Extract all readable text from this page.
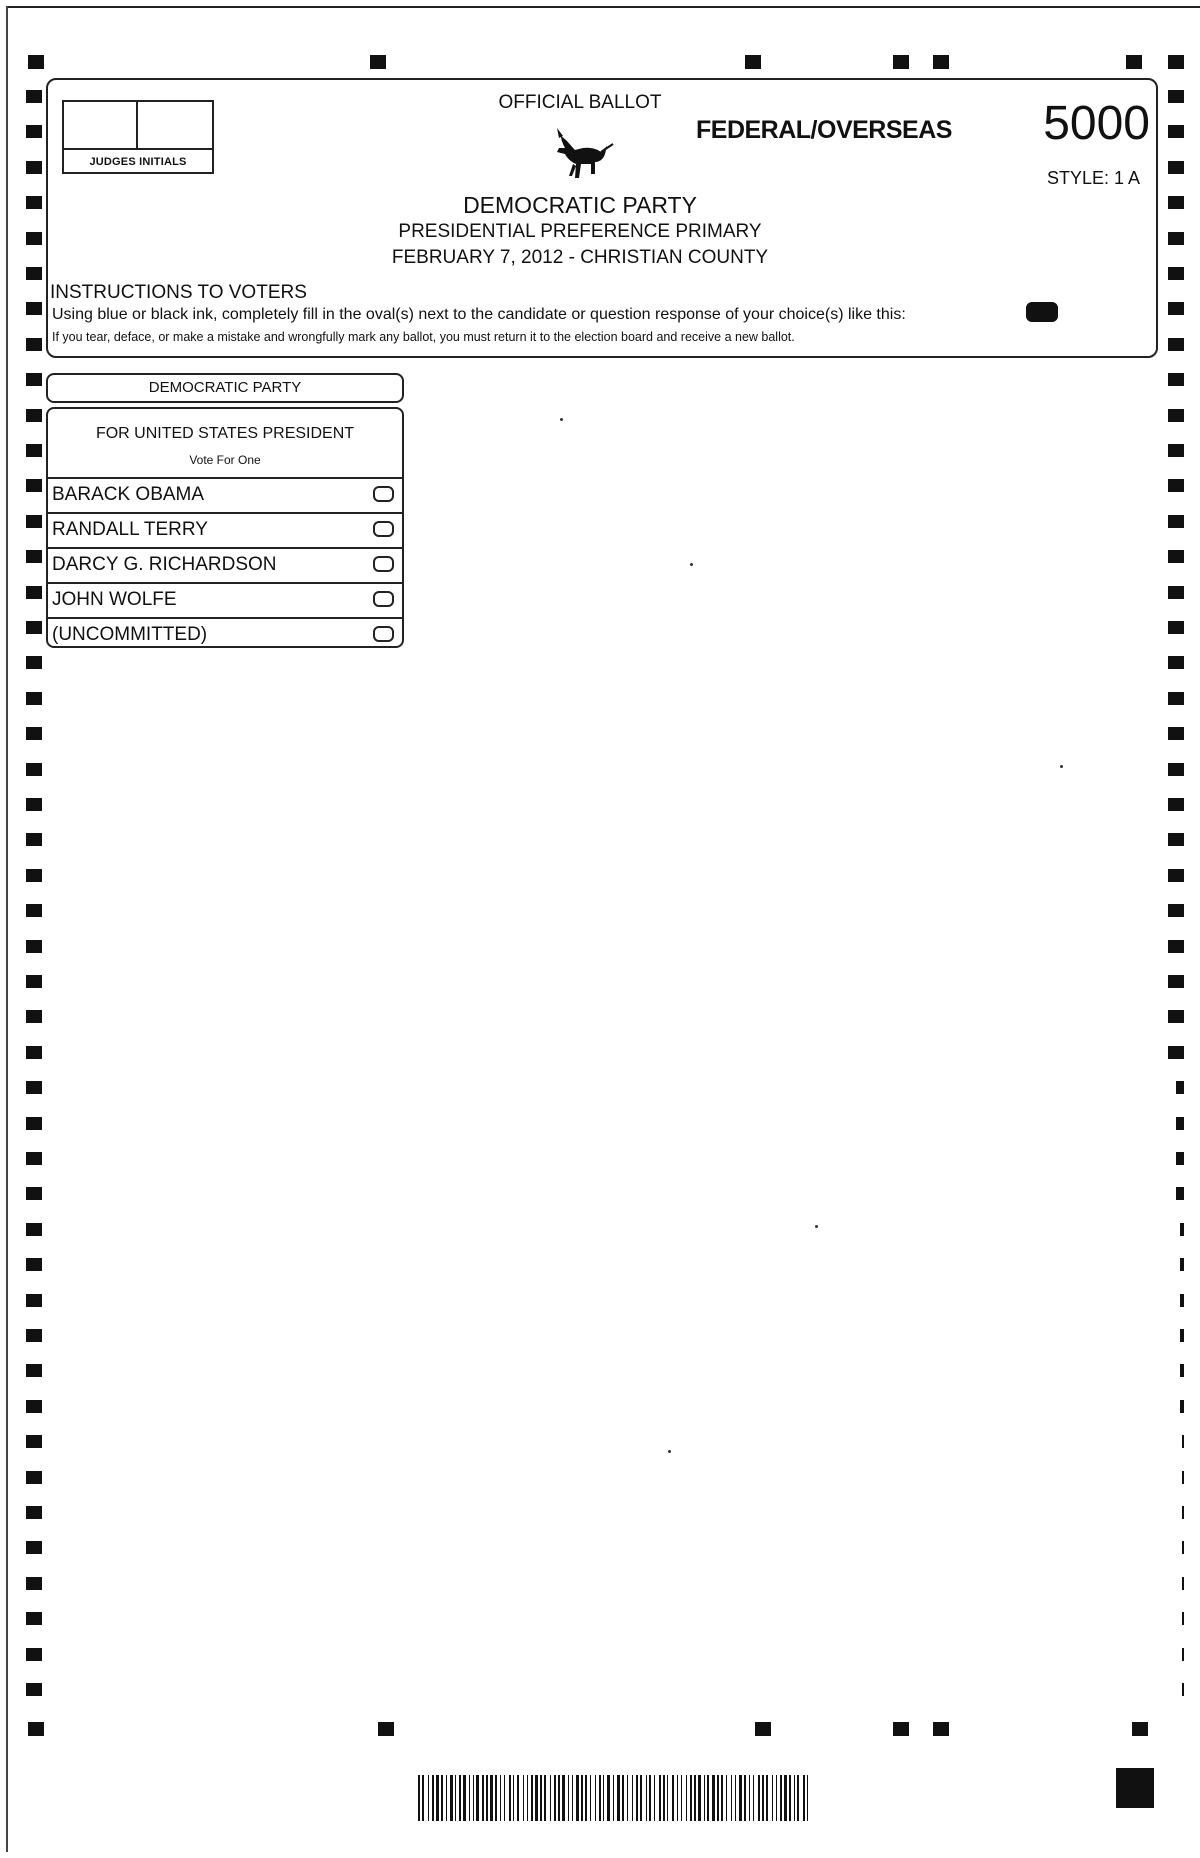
JUDGES INITIALS
OFFICIAL BALLOT
FEDERAL/OVERSEAS	5000
STYLE: 1 A
DEMOCRATIC PARTY
PRESIDENTIAL PREFERENCE PRIMARY
FEBRUARY 7, 2012 - CHRISTIAN COUNTY
INSTRUCTIONS TO VOTERS
Using blue or black ink, completely fill in the oval(s) next to the candidate or question response of your choice(s) like this:
If you tear, deface, or make a mistake and wrongfully mark any ballot, you must return it to the election board and receive a new ballot.
DEMOCRATIC PARTY
FOR UNITED STATES PRESIDENT
Vote For One
BARACK OBAMA
RANDALL TERRY
DARCY G. RICHARDSON
JOHN WOLFE
(UNCOMMITTED)
